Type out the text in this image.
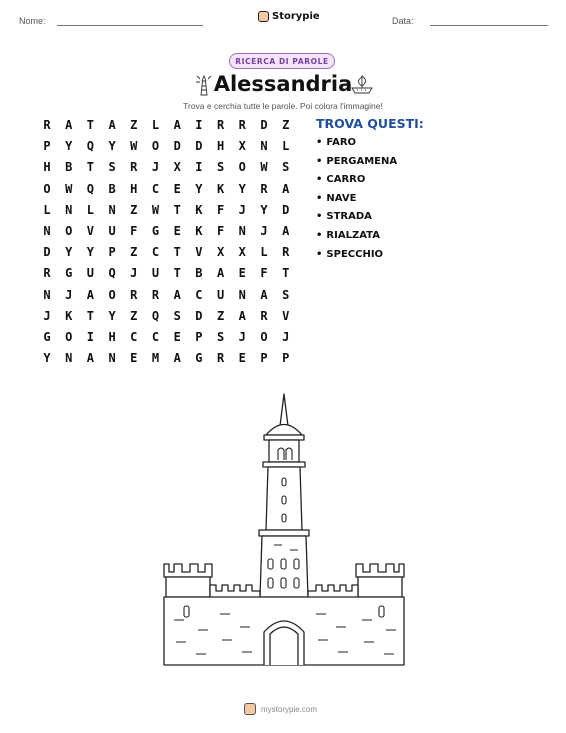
Nome:	Storypie	Data:
RICERCA DI PAROLE
Alessandria
Trova e cerchia tutte le parole. Poi colora l'immagine!
R	A	T	A	Z	L	A	I	R	R	D	Z
P	Y	Q	Y	W	O	D	D	H	X	N	L
H	B	T	S	R	J	X	I	S	O	W	S
O	W	Q	B	H	C	E	Y	K	Y	R	A
L	N	L	N	Z	W	T	K	F	J	Y	D
N	O	V	U	F	G	E	K	F	N	J	A
D	Y	Y	P	Z	C	T	V	X	X	L	R
R	G	U	Q	J	U	T	B	A	E	F	T
N	J	A	O	R	R	A	C	U	N	A	S
J	K	T	Y	Z	Q	S	D	Z	A	R	V
G	O	I	H	C	C	E	P	S	J	O	J
Y	N	A	N	E	M	A	G	R	E	P	P
TROVA QUESTI:
• FARO
• PERGAMENA
• CARRO
• NAVE
• STRADA
• RIALZATA
• SPECCHIO
mystorypie.com
